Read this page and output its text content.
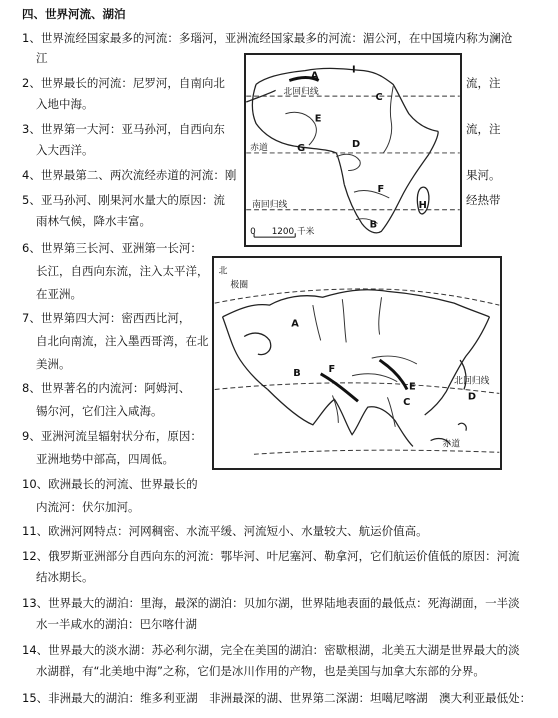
四、世界河流、湖泊
1、世界流经国家最多的河流：多瑙河，亚洲流经国家最多的河流：湄公河，在中国境内称为澜沧
江
2、世界最长的河流：尼罗河，自南向北	流，注
入地中海。
3、世界第一大河：亚马孙河，自西向东	流，注
入大西洋。
4、世界最第二、两次流经赤道的河流：刚	果河。
5、亚马孙河、刚果河水量大的原因：流	经热带
雨林气候，降水丰富。
6、世界第三长河、亚洲第一长河：
长江，自西向东流，注入太平洋，
在亚洲。
7、世界第四大河：密西西比河，
自北向南流，注入墨西哥湾，在北
美洲。
8、世界著名的内流河：阿姆河、
锡尔河，它们注入咸海。
9、亚洲河流呈辐射状分布，原因：
亚洲地势中部高，四周低。
10、欧洲最长的河流、世界最长的
内流河：伏尔加河。
11、欧洲河网特点：河网稠密、水流平缓、河流短小、水量较大、航运价值高。
12、俄罗斯亚洲部分自西向东的河流：鄂毕河、叶尼塞河、勒拿河，它们航运价值低的原因：河流
结冰期长。
13、世界最大的湖泊：里海，最深的湖泊：贝加尔湖，世界陆地表面的最低点：死海湖面，一半淡
水一半咸水的湖泊：巴尔喀什湖
14、世界最大的淡水湖：苏必利尔湖，完全在美国的湖泊：密歇根湖，北美五大湖是世界最大的淡
水湖群，有“北美地中海”之称，它们是冰川作用的产物，也是美国与加拿大东部的分界。
15、非洲最大的湖泊：维多利亚湖　非洲最深的湖、世界第二深湖：坦噶尼喀湖　澳大利亚最低处：
北回归线
赤道
南回归线
A
B
C
D
E
F
G
H
I
0 1200 千米
北
极圈
北回归线
赤道
A
B
C
D
E
F
